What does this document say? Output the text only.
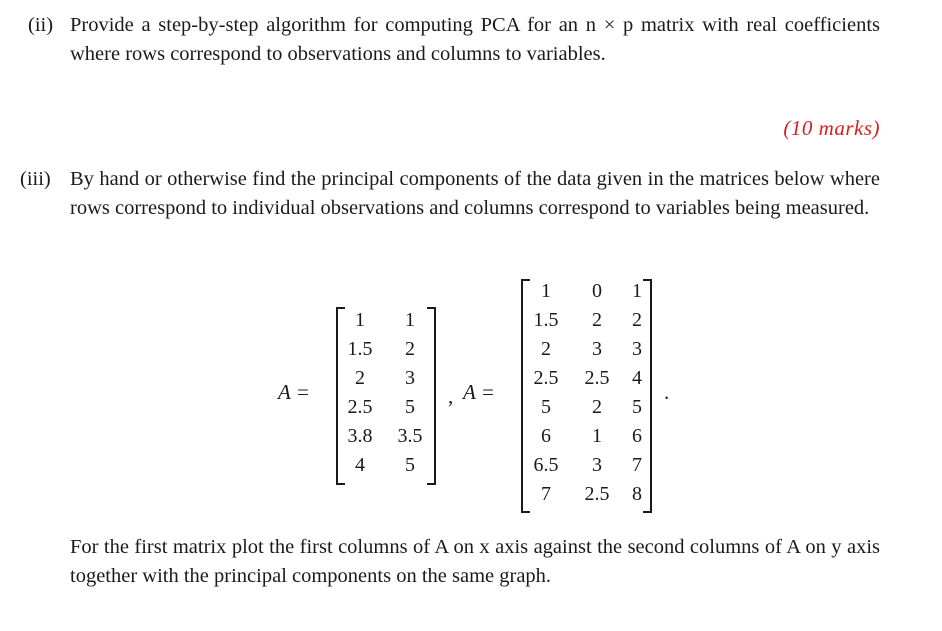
(ii) Provide a step-by-step algorithm for computing PCA for an n × p matrix with real coefficients where rows correspond to observations and columns to variables.
(10 marks)
(iii) By hand or otherwise find the principal components of the data given in the matrices below where rows correspond to individual observations and columns correspond to variables being measured.
A =
1	1
1.5	2
2	3
2.5	5
3.8	3.5
4	5
, A =
1	0	1
1.5	2	2
2	3	3
2.5	2.5	4
5	2	5
6	1	6
6.5	3	7
7	2.5	8
.
For the first matrix plot the first columns of A on x axis against the second columns of A on y axis together with the principal components on the same graph.
